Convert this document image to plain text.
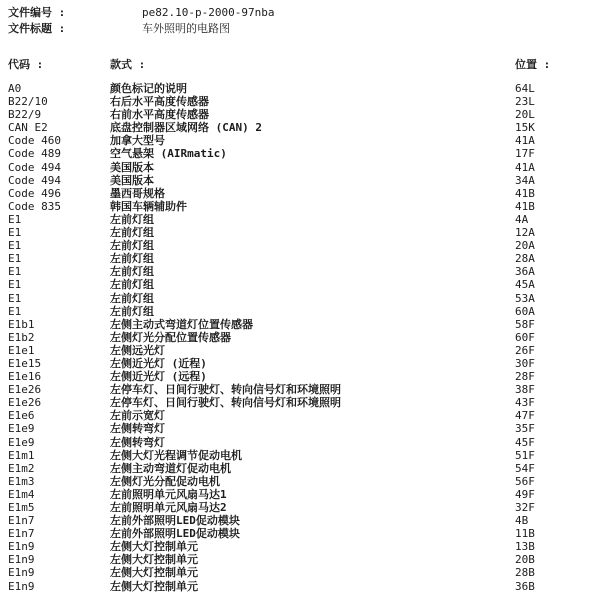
文件编号 :	pe82.10-p-2000-97nba
文件标题 :	车外照明的电路图
代码 :	款式 :	位置 :
A0	颜色标记的说明	64L
B22/10	右后水平高度传感器	23L
B22/9	右前水平高度传感器	20L
CAN E2	底盘控制器区域网络 (CAN) 2	15K
Code 460	加拿大型号	41A
Code 489	空气悬架 (AIRmatic)	17F
Code 494	美国版本	41A
Code 494	美国版本	34A
Code 496	墨西哥规格	41B
Code 835	韩国车辆辅助件	41B
E1	左前灯组	4A
E1	左前灯组	12A
E1	左前灯组	20A
E1	左前灯组	28A
E1	左前灯组	36A
E1	左前灯组	45A
E1	左前灯组	53A
E1	左前灯组	60A
E1b1	左侧主动式弯道灯位置传感器	58F
E1b2	左侧灯光分配位置传感器	60F
E1e1	左侧远光灯	26F
E1e15	左侧近光灯 (近程)	30F
E1e16	左侧近光灯 (远程)	28F
E1e26	左停车灯、日间行驶灯、转向信号灯和环境照明	38F
E1e26	左停车灯、日间行驶灯、转向信号灯和环境照明	43F
E1e6	左前示宽灯	47F
E1e9	左侧转弯灯	35F
E1e9	左侧转弯灯	45F
E1m1	左侧大灯光程调节促动电机	51F
E1m2	左侧主动弯道灯促动电机	54F
E1m3	左侧灯光分配促动电机	56F
E1m4	左前照明单元风扇马达1	49F
E1m5	左前照明单元风扇马达2	32F
E1n7	左前外部照明LED促动模块	4B
E1n7	左前外部照明LED促动模块	11B
E1n9	左侧大灯控制单元	13B
E1n9	左侧大灯控制单元	20B
E1n9	左侧大灯控制单元	28B
E1n9	左侧大灯控制单元	36B
